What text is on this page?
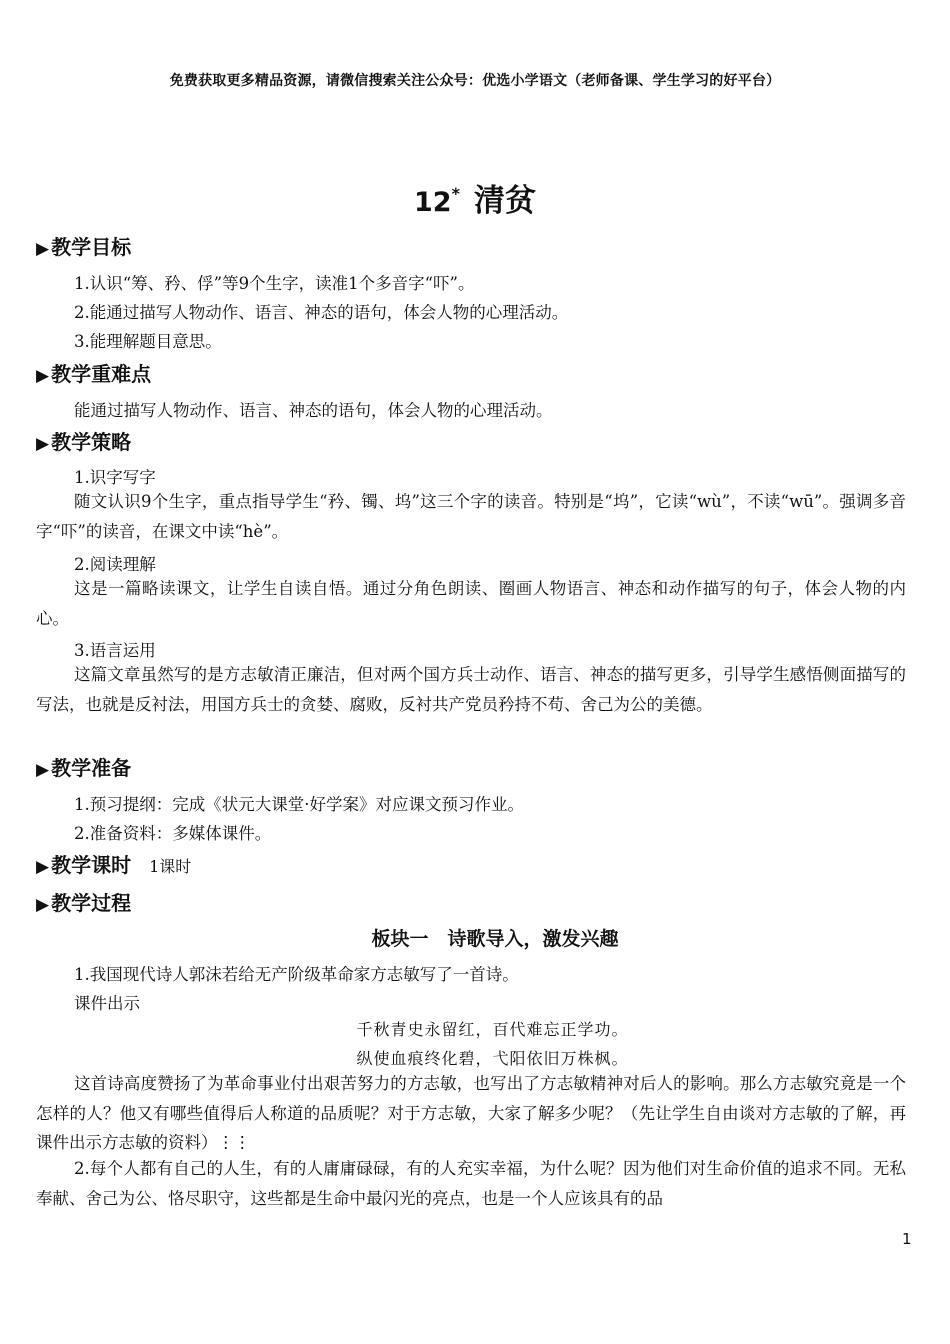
免费获取更多精品资源，请微信搜索关注公众号：优选小学语文（老师备课、学生学习的好平台）
12* 清贫
▶ 教学目标
1.认识“筹、矜、俘”等9个生字，读准1个多音字“吓”。
2.能通过描写人物动作、语言、神态的语句，体会人物的心理活动。
3.能理解题目意思。
▶ 教学重难点
能通过描写人物动作、语言、神态的语句，体会人物的心理活动。
▶ 教学策略
1.识字写字
随文认识9个生字，重点指导学生“矜、镯、坞”这三个字的读音。特别是“坞”，它读“wù”，不读“wū”。强调多音字“吓”的读音，在课文中读“hè”。
2.阅读理解
这是一篇略读课文，让学生自读自悟。通过分角色朗读、圈画人物语言、神态和动作描写的句子，体会人物的内心。
3.语言运用
这篇文章虽然写的是方志敏清正廉洁，但对两个国方兵士动作、语言、神态的描写更多，引导学生感悟侧面描写的写法，也就是反衬法，用国方兵士的贪婪、腐败，反衬共产党员矜持不苟、舍己为公的美德。
▶ 教学准备
1.预习提纲：完成《状元大课堂·好学案》对应课文预习作业。
2.准备资料：多媒体课件。
▶ 教学课时 1课时
▶ 教学过程
板块一　诗歌导入，激发兴趣
1.我国现代诗人郭沫若给无产阶级革命家方志敏写了一首诗。
课件出示
千秋青史永留红，百代难忘正学功。
纵使血痕终化碧，弋阳依旧万株枫。
这首诗高度赞扬了为革命事业付出艰苦努力的方志敏，也写出了方志敏精神对后人的影响。那么方志敏究竟是一个怎样的人？他又有哪些值得后人称道的品质呢？对于方志敏，大家了解多少呢？（先让学生自由谈对方志敏的了解，再课件出示方志敏的资料）⋮⋮
2.每个人都有自己的人生，有的人庸庸碌碌，有的人充实幸福，为什么呢？因为他们对生命价值的追求不同。无私奉献、舍己为公、恪尽职守，这些都是生命中最闪光的亮点，也是一个人应该具有的品
1
